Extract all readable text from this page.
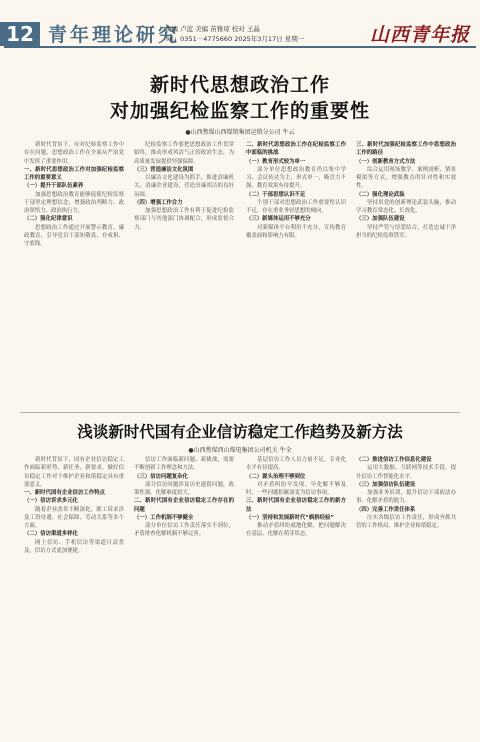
12 青年理论研究
责编 卢蓝 美编 苗雅琼 校对 王晶
Tel：0351－4775660 2025年3月17日 星期一	山西青年报
新时代思想政治工作
对加强纪检监察工作的重要性
●山西焦煤山西煤销集团运销分公司 牛云

新时代背景下，应对纪检监察工作中存在问题，思想政治工作在全面从严治党中发挥了重要作用。

一、新时代思想政治工作对加强纪检监察工作的重要意义

（一）提升干部队伍素养

加强思想政治教育能够促使纪检监察干部坚定理想信念，增强政治判断力、政治领悟力、政治执行力。

（二）强化纪律意识

思想政治工作通过开展警示教育、廉政教育，引导党员干部知敬畏、存戒惧、守底线。

纪检监察工作要把思想政治工作贯穿始终，推动形成风清气正的政治生态，为高质量发展提供坚强保障。

（三）营造廉洁文化氛围

以廉洁文化建设为抓手，推进清廉机关、清廉企业建设，营造崇廉尚洁的良好氛围。

（四）增强工作合力

加强思想政治工作有利于促进纪检监察部门与其他部门协调配合，形成监督合力。

二、新时代思想政治工作在纪检监察工作中面临的挑战

（一）教育形式较为单一

部分单位思想政治教育仍以集中学习、会议传达为主，形式单一，吸引力不强，教育效果有待提升。

（二）干部思想认识不足

个别干部对思想政治工作重要性认识不足，存在重业务轻思想的倾向。

（三）新媒体运用不够充分

对新媒体平台利用不充分，宣传教育覆盖面和影响力有限。

三、新时代加强纪检监察工作中思想政治工作的路径

（一）创新教育方式方法

综合运用现场教学、案例剖析、情景模拟等方式，增强教育的针对性和实效性。

（二）强化理论武装

坚持用党的创新理论武装头脑，推动学习教育常态化、长效化。

（三）加强队伍建设

坚持严管与厚爱结合，打造忠诚干净担当的纪检监察铁军。

浅谈新时代国有企业信访稳定工作趋势及新方法
●山西焦煤西山煤电集团公司机关 牛全

新时代背景下，国有企业信访稳定工作面临新形势、新任务、新要求，做好信访稳定工作对于维护企业和谐稳定具有重要意义。

一、新时代国有企业信访工作特点

（一）信访诉求多元化

随着企业改革不断深化，职工诉求涉及工资待遇、社会保障、劳动关系等多个方面。

（二）信访渠道多样化

网上信访、手机信访等渠道日益普及，信访方式更加便捷。

信访工作面临新问题、新挑战，需要不断创新工作理念和方法。

（三）信访问题复杂化

部分信访问题涉及历史遗留问题，政策性强，化解难度较大。

二、新时代国有企业信访稳定工作存在的问题

（一）工作机制不够健全

部分单位信访工作责任落实不到位，矛盾排查化解机制不够完善。

基层信访工作人员力量不足，专业化水平有待提高。

（二）源头治理不够到位

对矛盾纠纷早发现、早化解不够及时，一些问题积累演变为信访事项。

三、新时代国有企业信访稳定工作的新方法

（一）坚持和发展新时代“枫桥经验”

推动矛盾纠纷就地化解，把问题解决在基层、化解在萌芽状态。

（二）推进信访工作信息化建设

运用大数据、互联网等技术手段，提升信访工作智能化水平。

（三）加强信访队伍建设

加强业务培训，提升信访干部依法办事、化解矛盾的能力。

（四）完善工作责任体系

压实各级信访工作责任，形成齐抓共管的工作格局，维护企业和谐稳定。
